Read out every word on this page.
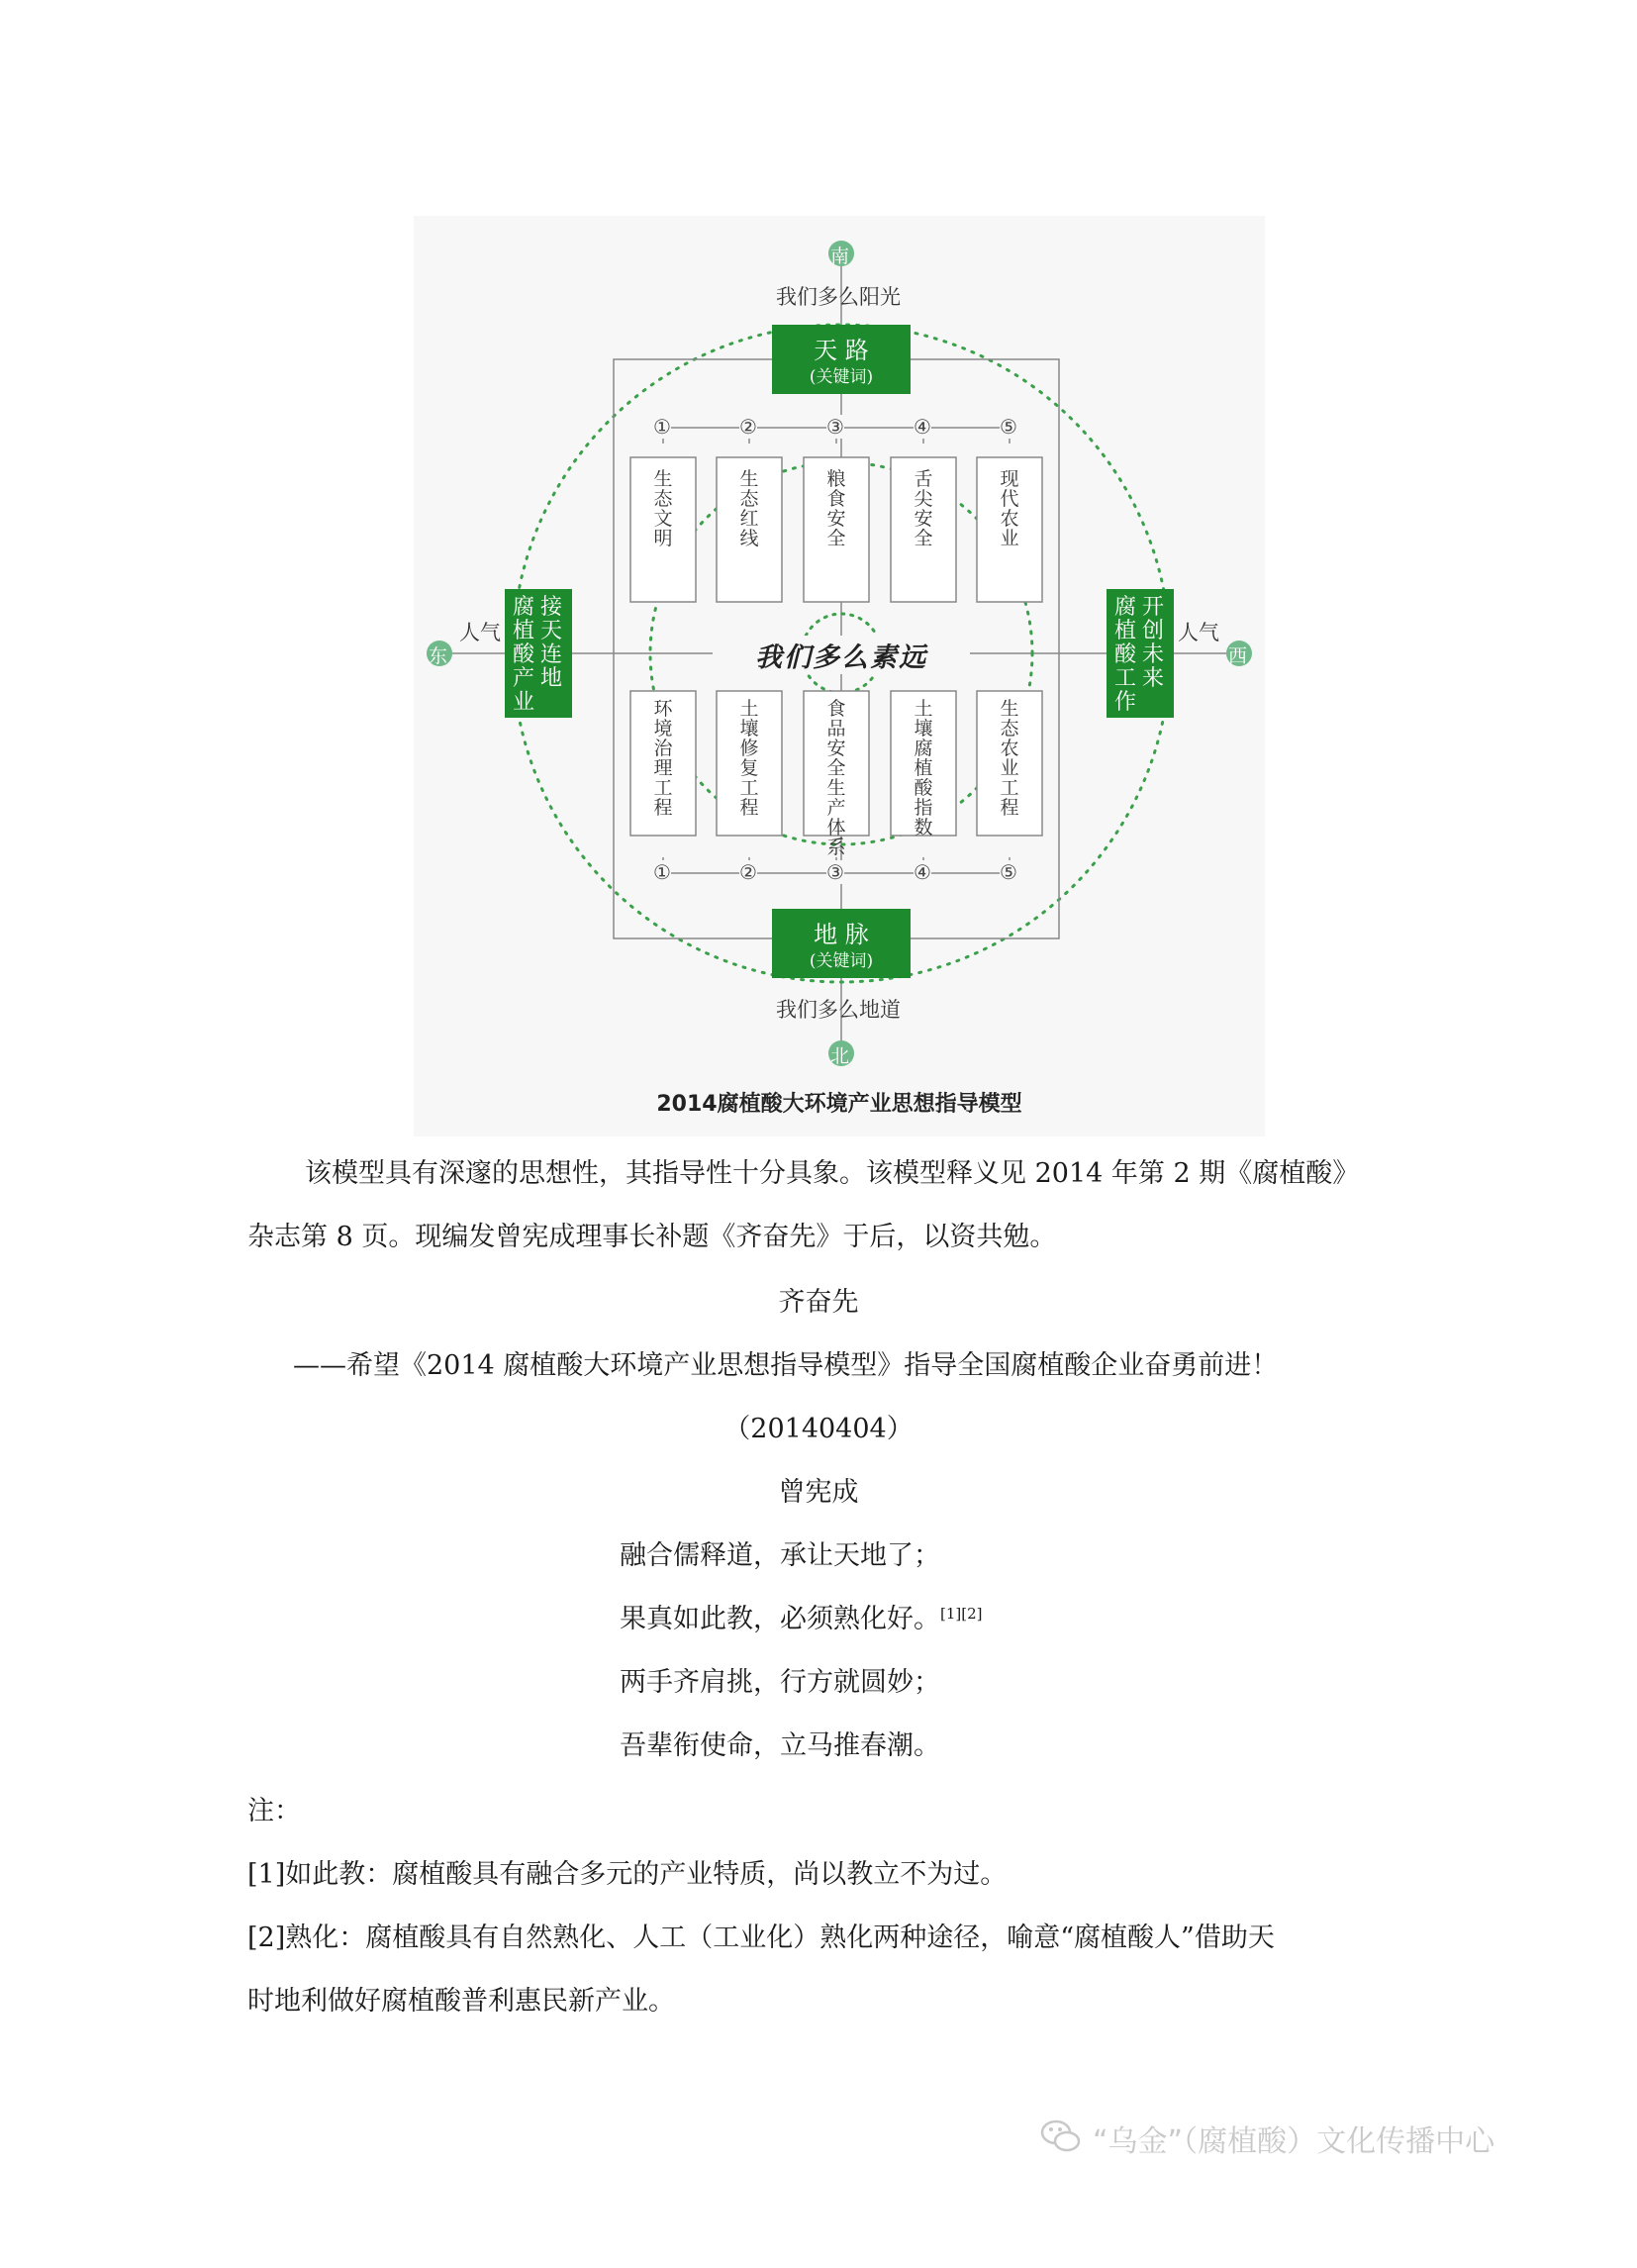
南
北
东	西
我们多么阳光
我们多么地道
人气	人气
天 路
(关键词)
地 脉
(关键词)
腐植酸产业
接天连地
腐植酸工作
开创未来
我们多么素远
2014腐植酸大环境产业思想指导模型
①
①
生态文明
环境治理工程
②
②
生态红线
土壤修复工程
③
③
粮食安全
食品安全生产体系
④
④
舌尖安全
土壤腐植酸指数
⑤
⑤
现代农业
生态农业工程
该模型具有深邃的思想性，其指导性十分具象。该模型释义见 2014 年第 2 期《腐植酸》
杂志第 8 页。现编发曾宪成理事长补题《齐奋先》于后，以资共勉。
齐奋先
——希望《2014 腐植酸大环境产业思想指导模型》指导全国腐植酸企业奋勇前进！
（20140404）
曾宪成
融合儒释道，承让天地了；
果真如此教，必须熟化好。[1][2]
两手齐肩挑，行方就圆妙；
吾辈衔使命，立马推春潮。
注：
[1]如此教：腐植酸具有融合多元的产业特质，尚以教立不为过。
[2]熟化：腐植酸具有自然熟化、人工（工业化）熟化两种途径，喻意“腐植酸人”借助天
时地利做好腐植酸普利惠民新产业。
“乌金”（腐植酸）文化传播中心
